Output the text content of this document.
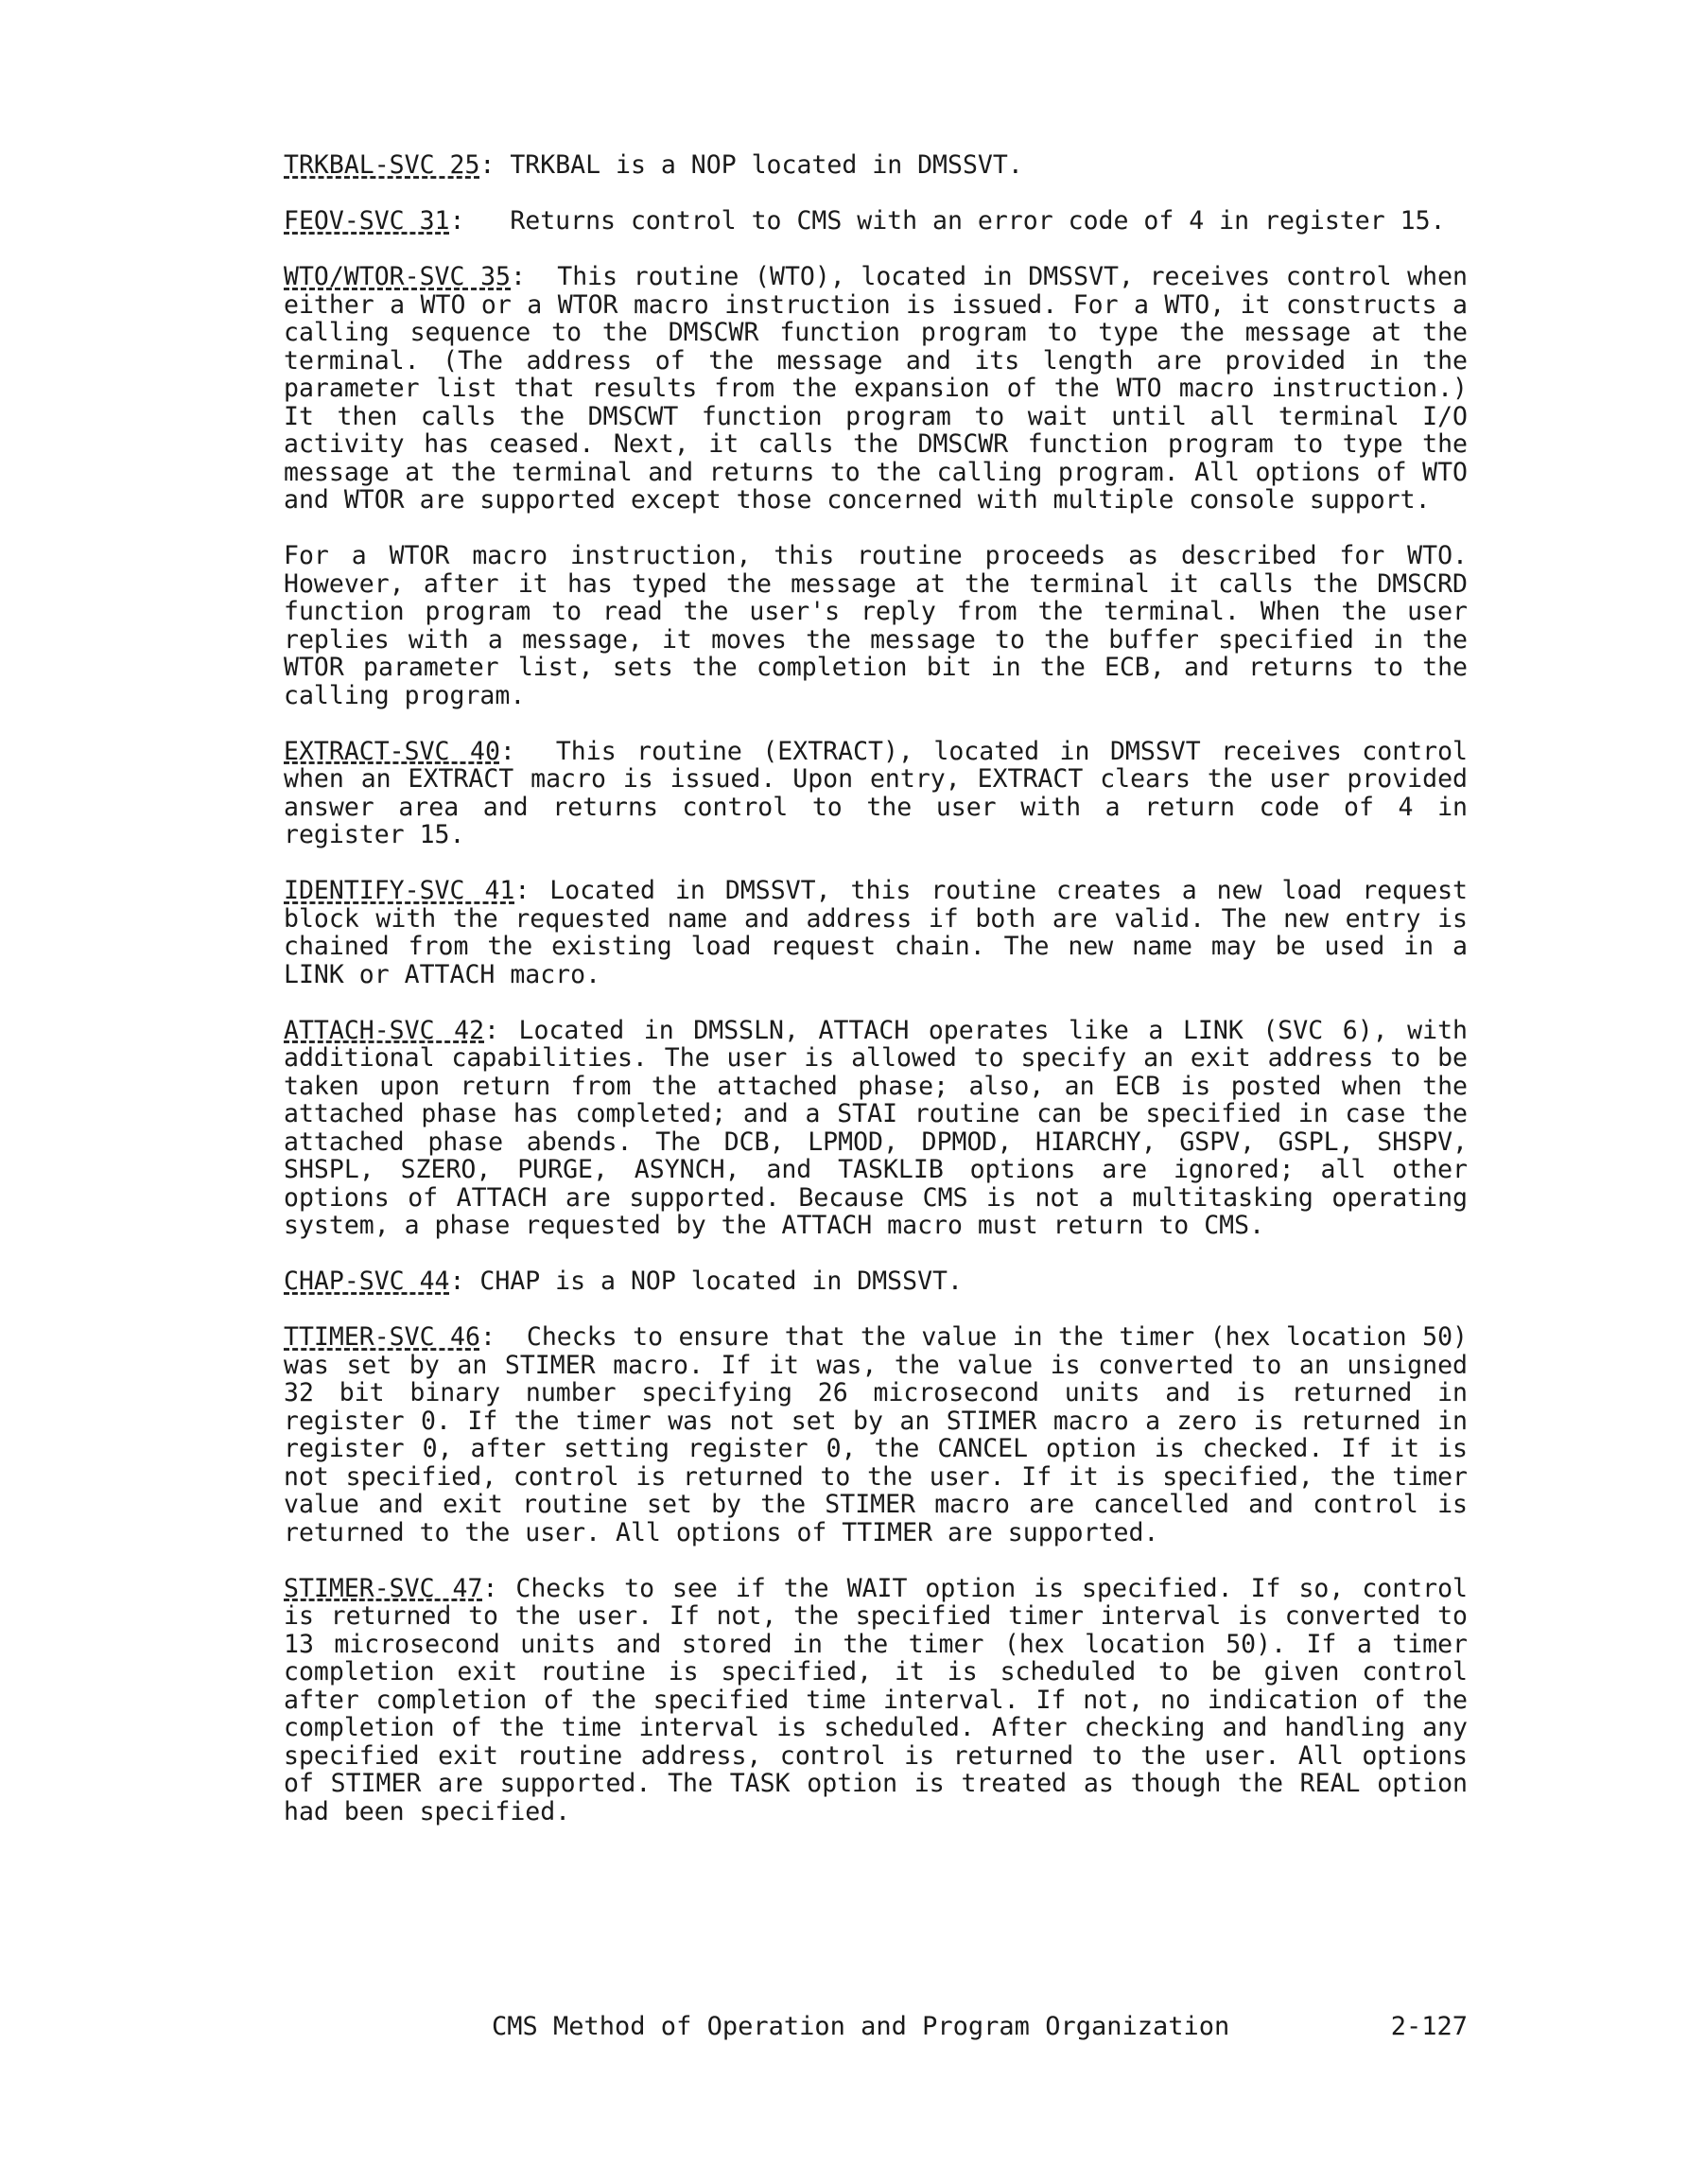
TRKBAL-SVC 25: TRKBAL is a NOP located in DMSSVT.

FEOV-SVC 31:   Returns control to CMS with an error code of 4 in register 15.

WTO/WTOR-SVC 35:  This routine (WTO), located in DMSSVT, receives control when either a WTO or a WTOR macro instruction is issued. For a WTO, it constructs a calling sequence to the DMSCWR function program to type the message at the terminal. (The address of the message and its length are provided in the parameter list that results from the expansion of the WTO macro instruction.) It then calls the DMSCWT function program to wait until all terminal I/O activity has ceased. Next, it calls the DMSCWR function program to type the message at the terminal and returns to the calling program. All options of WTO and WTOR are supported except those concerned with multiple console support.

For a WTOR macro instruction, this routine proceeds as described for WTO. However, after it has typed the message at the terminal it calls the DMSCRD function program to read the user's reply from the terminal. When the user replies with a message, it moves the message to the buffer specified in the WTOR parameter list, sets the completion bit in the ECB, and returns to the calling program.

EXTRACT-SVC 40:  This routine (EXTRACT), located in DMSSVT receives control when an EXTRACT macro is issued. Upon entry, EXTRACT clears the user provided answer area and returns control to the user with a return code of 4 in register 15.

IDENTIFY-SVC 41: Located in DMSSVT, this routine creates a new load request block with the requested name and address if both are valid. The new entry is chained from the existing load request chain. The new name may be used in a LINK or ATTACH macro.

ATTACH-SVC 42: Located in DMSSLN, ATTACH operates like a LINK (SVC 6), with additional capabilities. The user is allowed to specify an exit address to be taken upon return from the attached phase; also, an ECB is posted when the attached phase has completed; and a STAI routine can be specified in case the attached phase abends. The DCB, LPMOD, DPMOD, HIARCHY, GSPV, GSPL, SHSPV, SHSPL, SZERO, PURGE, ASYNCH, and TASKLIB options are ignored; all other options of ATTACH are supported. Because CMS is not a multitasking operating system, a phase requested by the ATTACH macro must return to CMS.

CHAP-SVC 44: CHAP is a NOP located in DMSSVT.

TTIMER-SVC 46:  Checks to ensure that the value in the timer (hex location 50) was set by an STIMER macro. If it was, the value is converted to an unsigned 32 bit binary number specifying 26 microsecond units and is returned in register 0. If the timer was not set by an STIMER macro a zero is returned in register 0, after setting register 0, the CANCEL option is checked. If it is not specified, control is returned to the user. If it is specified, the timer value and exit routine set by the STIMER macro are cancelled and control is returned to the user. All options of TTIMER are supported.

STIMER-SVC 47: Checks to see if the WAIT option is specified. If so, control is returned to the user. If not, the specified timer interval is converted to 13 microsecond units and stored in the timer (hex location 50). If a timer completion exit routine is specified, it is scheduled to be given control after completion of the specified time interval. If not, no indication of the completion of the time interval is scheduled. After checking and handling any specified exit routine address, control is returned to the user. All options of STIMER are supported. The TASK option is treated as though the REAL option had been specified.

CMS Method of Operation and Program Organization	2-127
